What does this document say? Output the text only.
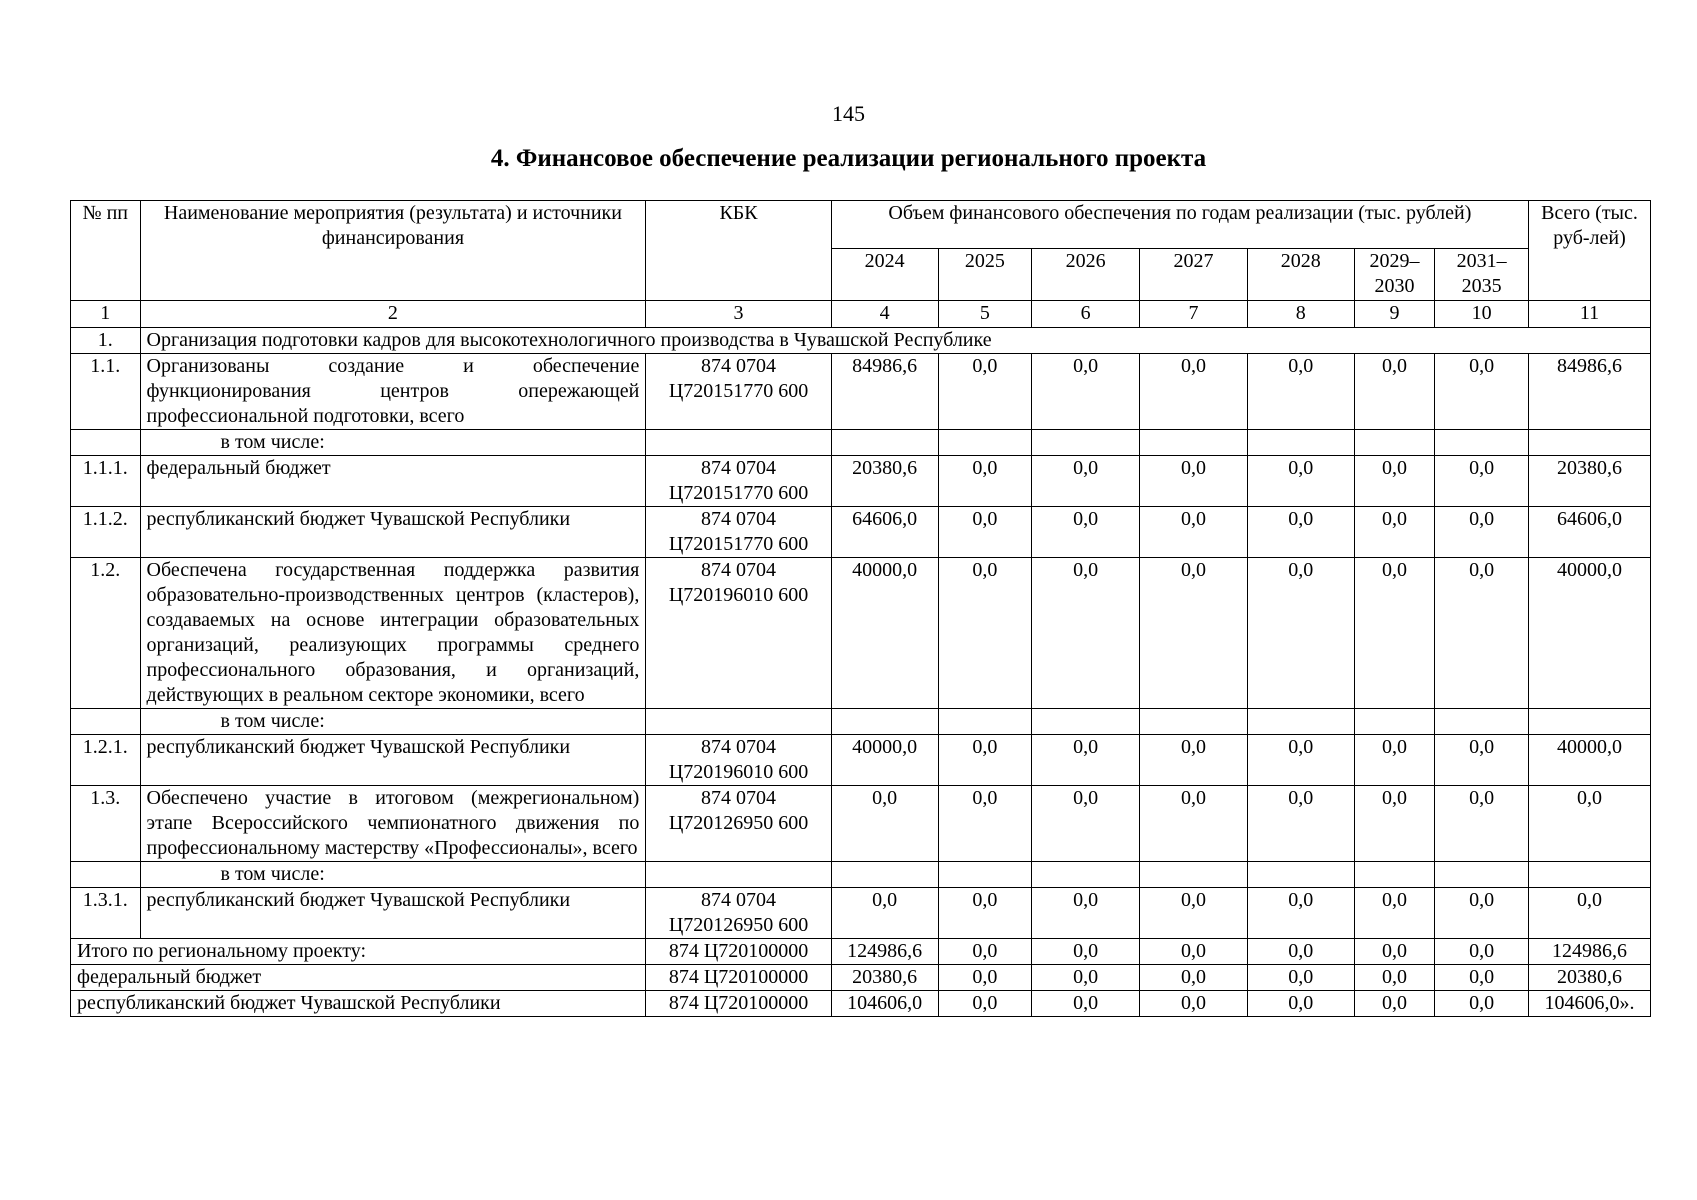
145
4. Финансовое обеспечение реализации регионального проекта
№ пп	Наименование мероприятия (результата) и источники финансирования	КБК	Объем финансового обеспечения по годам реализации (тыс. рублей)							Всего (тыс. руб-лей)
			2024	2025	2026	2027	2028	2029–2030	2031–2035	
1	2	3	4	5	6	7	8	9	10	11
1.	Организация подготовки кадров для высокотехнологичного производства в Чувашской Республике									
1.1.	Организованы создание и обеспечение функционирования центров опережающей профессиональной подготовки, всего	874 0704 Ц720151770 600	84986,6	0,0	0,0	0,0	0,0	0,0	0,0	84986,6
	в том числе:									
1.1.1.	федеральный бюджет	874 0704 Ц720151770 600	20380,6	0,0	0,0	0,0	0,0	0,0	0,0	20380,6
1.1.2.	республиканский бюджет Чувашской Республики	874 0704 Ц720151770 600	64606,0	0,0	0,0	0,0	0,0	0,0	0,0	64606,0
1.2.	Обеспечена государственная поддержка развития образовательно-производственных центров (кластеров), создаваемых на основе интеграции образовательных организаций, реализующих программы среднего профессионального образования, и организаций, действующих в реальном секторе экономики, всего	874 0704 Ц720196010 600	40000,0	0,0	0,0	0,0	0,0	0,0	0,0	40000,0
	в том числе:									
1.2.1.	республиканский бюджет Чувашской Республики	874 0704 Ц720196010 600	40000,0	0,0	0,0	0,0	0,0	0,0	0,0	40000,0
1.3.	Обеспечено участие в итоговом (межрегиональном) этапе Всероссийского чемпионатного движения по профессиональному мастерству «Профессионалы», всего	874 0704 Ц720126950 600	0,0	0,0	0,0	0,0	0,0	0,0	0,0	0,0
	в том числе:									
1.3.1.	республиканский бюджет Чувашской Республики	874 0704 Ц720126950 600	0,0	0,0	0,0	0,0	0,0	0,0	0,0	0,0
Итого по региональному проекту:		874 Ц720100000	124986,6	0,0	0,0	0,0	0,0	0,0	0,0	124986,6
федеральный бюджет		874 Ц720100000	20380,6	0,0	0,0	0,0	0,0	0,0	0,0	20380,6
республиканский бюджет Чувашской Республики		874 Ц720100000	104606,0	0,0	0,0	0,0	0,0	0,0	0,0	104606,0».
